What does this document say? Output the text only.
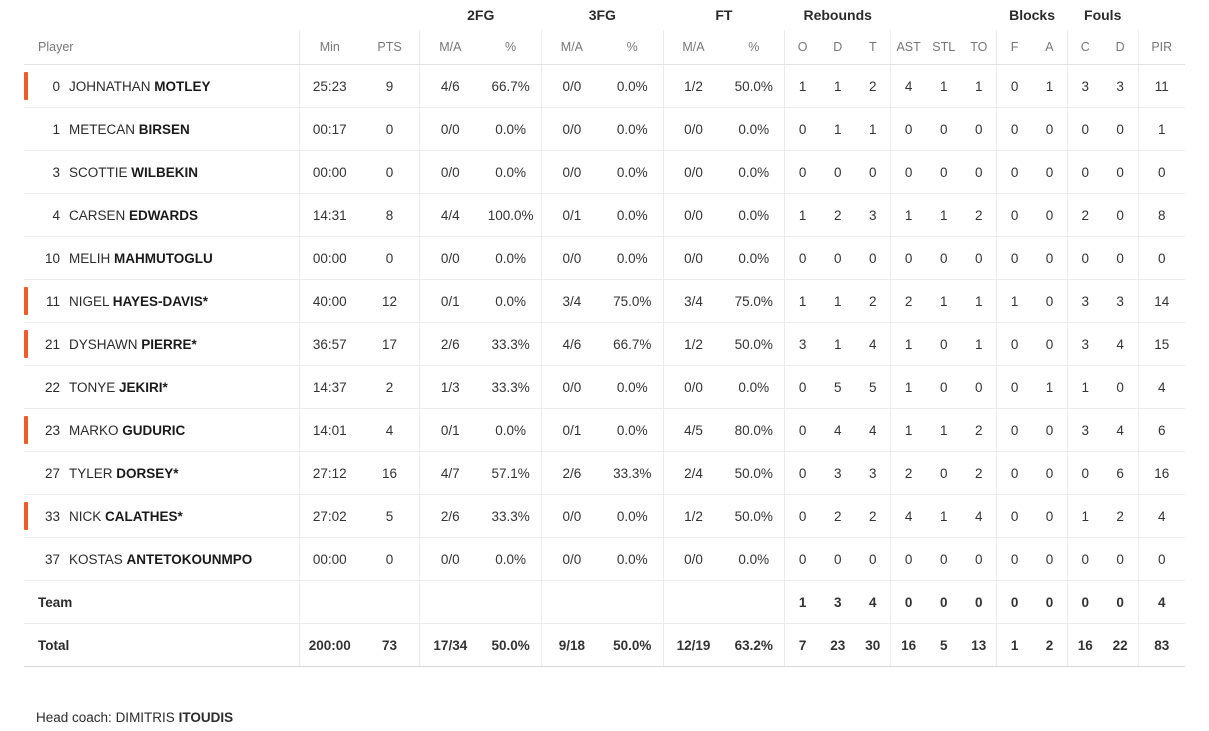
			2FG		3FG		FT		Rebounds						Blocks		Fouls		
Player	Min	PTS	M/A	%	M/A	%	M/A	%	O	D	T	AST	STL	TO	F	A	C	D	PIR

0 JOHNATHAN MOTLEY	25:23	9	4/6	66.7%	0/0	0.0%	1/2	50.0%	1	1	2	4	1	1	0	1	3	3	11
1 METECAN BIRSEN	00:17	0	0/0	0.0%	0/0	0.0%	0/0	0.0%	0	1	1	0	0	0	0	0	0	0	1
3 SCOTTIE WILBEKIN	00:00	0	0/0	0.0%	0/0	0.0%	0/0	0.0%	0	0	0	0	0	0	0	0	0	0	0
4 CARSEN EDWARDS	14:31	8	4/4	100.0%	0/1	0.0%	0/0	0.0%	1	2	3	1	1	2	0	0	2	0	8
10 MELIH MAHMUTOGLU	00:00	0	0/0	0.0%	0/0	0.0%	0/0	0.0%	0	0	0	0	0	0	0	0	0	0	0

11 NIGEL HAYES-DAVIS*	40:00	12	0/1	0.0%	3/4	75.0%	3/4	75.0%	1	1	2	2	1	1	1	0	3	3	14

21 DYSHAWN PIERRE*	36:57	17	2/6	33.3%	4/6	66.7%	1/2	50.0%	3	1	4	1	0	1	0	0	3	4	15
22 TONYE JEKIRI*	14:37	2	1/3	33.3%	0/0	0.0%	0/0	0.0%	0	5	5	1	0	0	0	1	1	0	4

23 MARKO GUDURIC	14:01	4	0/1	0.0%	0/1	0.0%	4/5	80.0%	0	4	4	1	1	2	0	0	3	4	6
27 TYLER DORSEY*	27:12	16	4/7	57.1%	2/6	33.3%	2/4	50.0%	0	3	3	2	0	2	0	0	0	6	16

33 NICK CALATHES*	27:02	5	2/6	33.3%	0/0	0.0%	1/2	50.0%	0	2	2	4	1	4	0	0	1	2	4
37 KOSTAS ANTETOKOUNMPO	00:00	0	0/0	0.0%	0/0	0.0%	0/0	0.0%	0	0	0	0	0	0	0	0	0	0	0
Team									1	3	4	0	0	0	0	0	0	0	4
Total	200:00	73	17/34	50.0%	9/18	50.0%	12/19	63.2%	7	23	30	16	5	13	1	2	16	22	83
Head coach: DIMITRIS ITOUDIS
